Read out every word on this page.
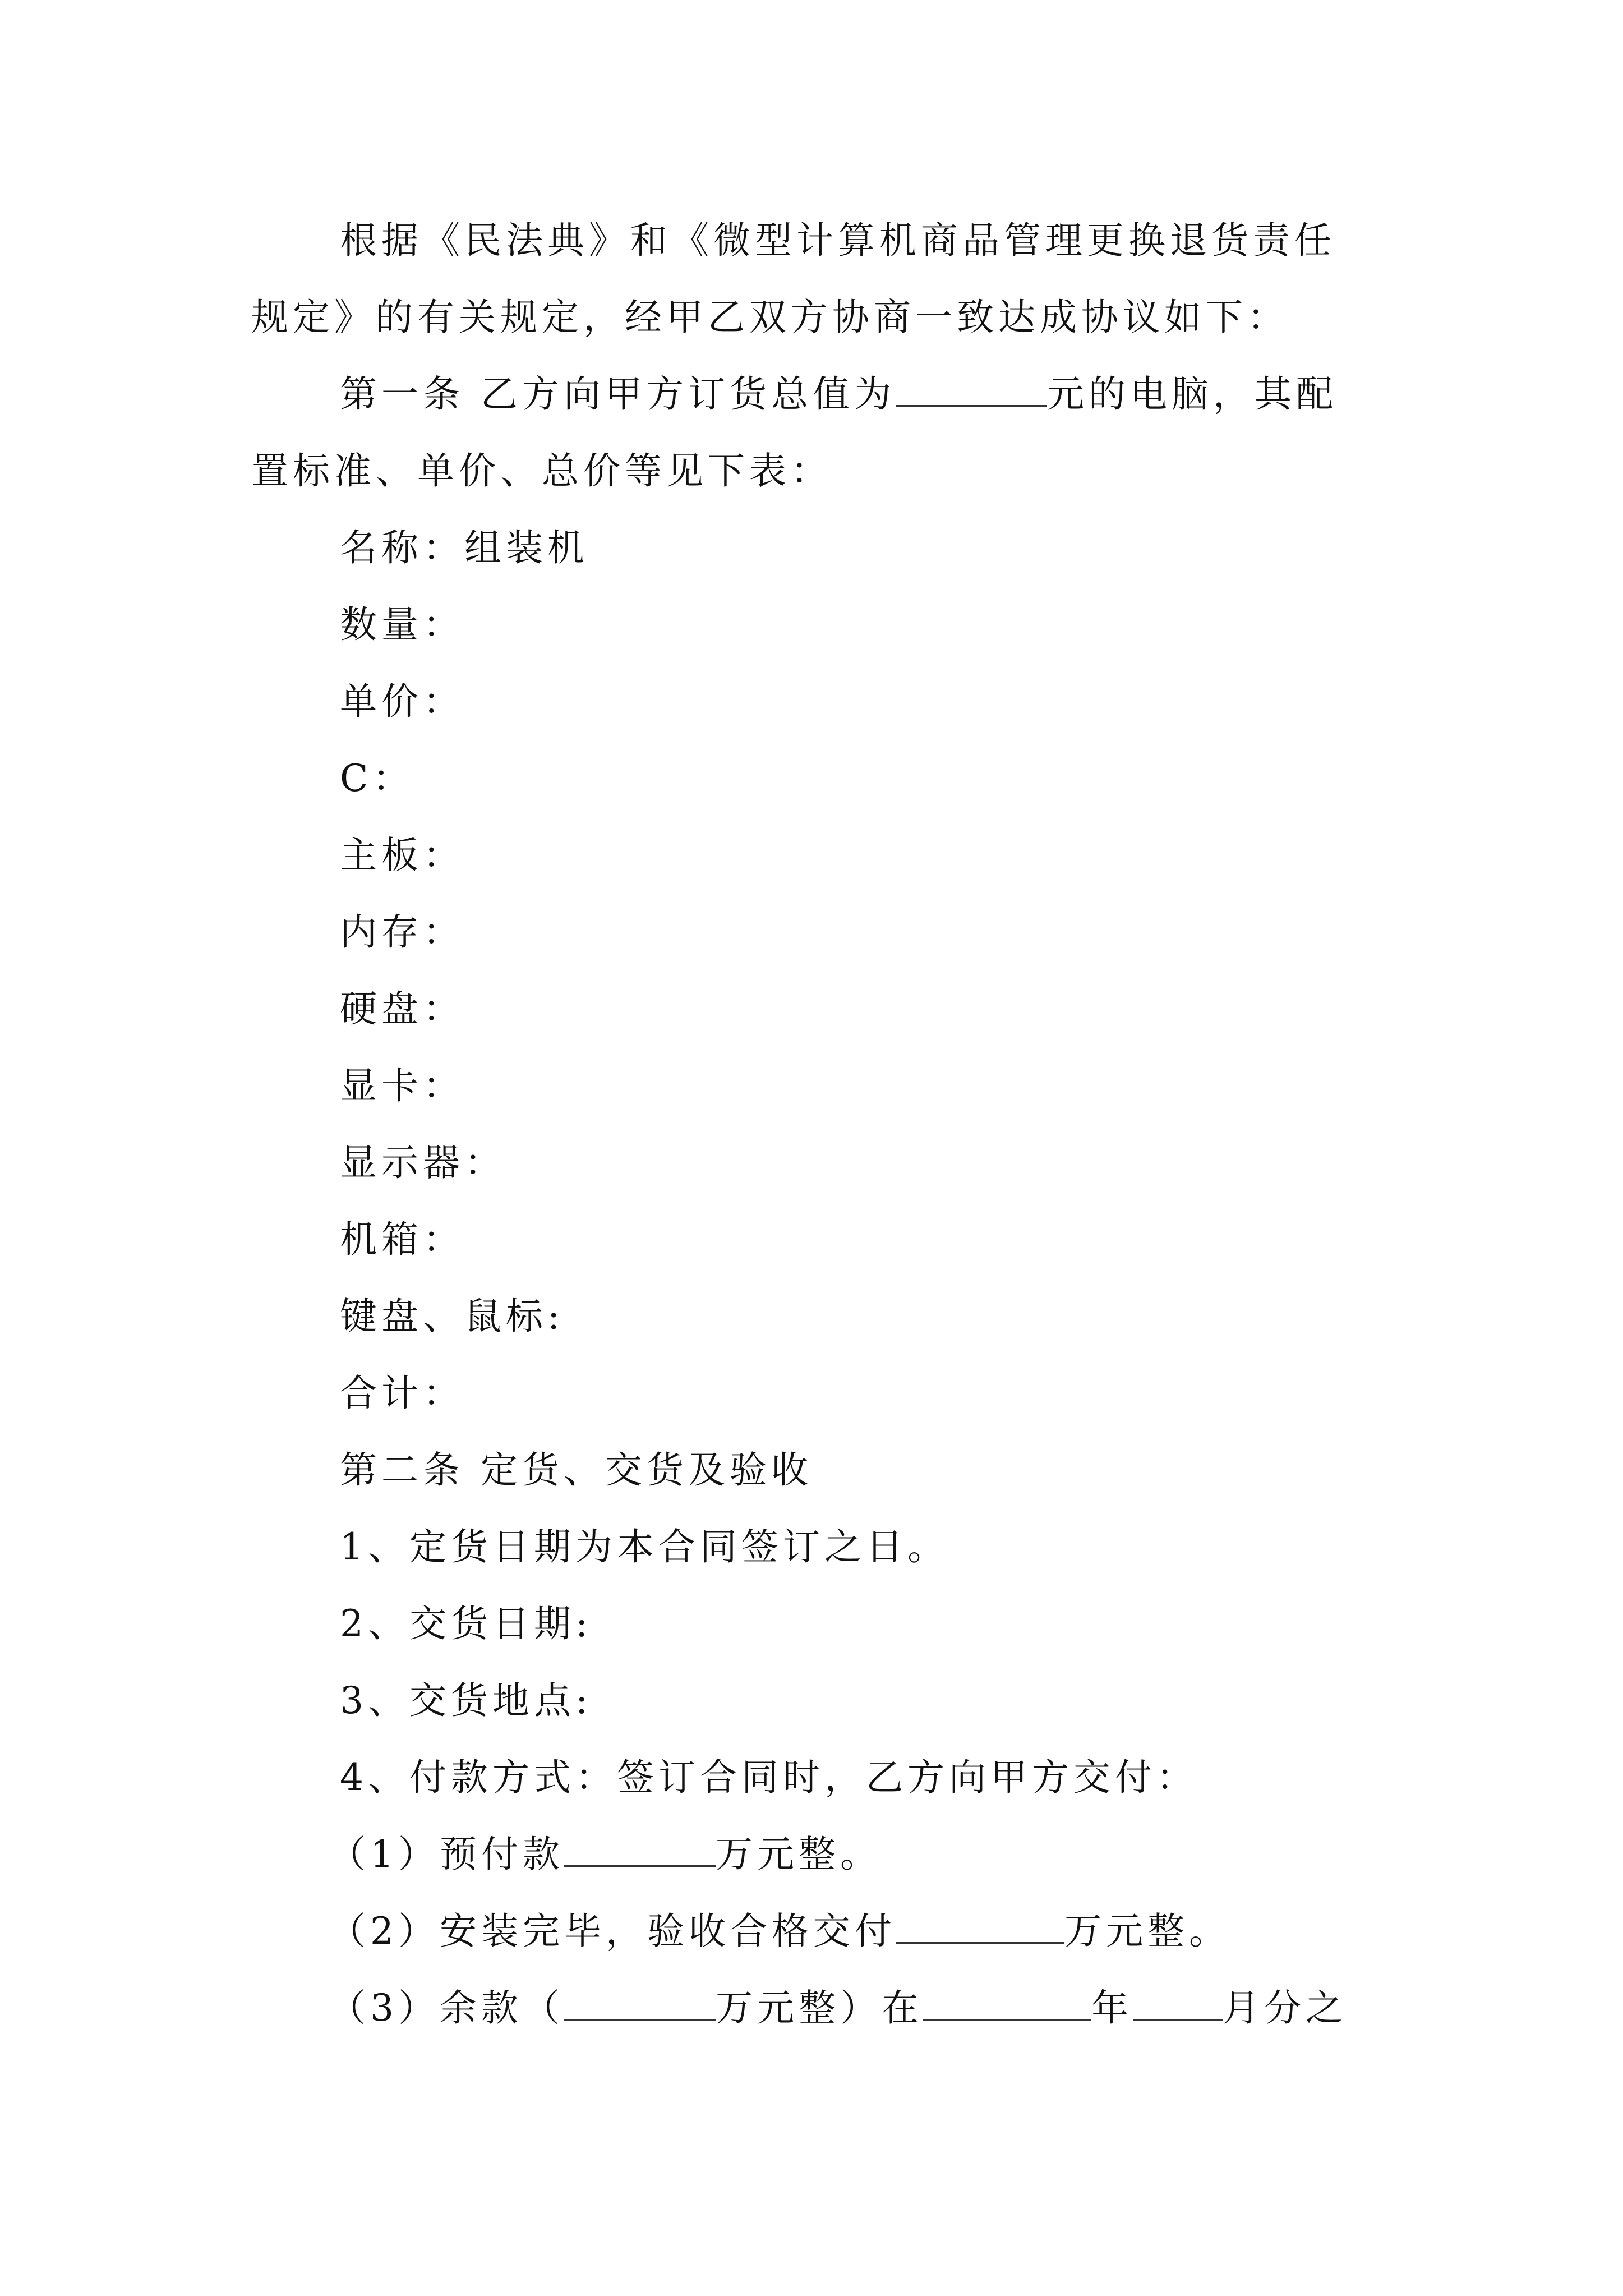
根据《民法典》和《微型计算机商品管理更换退货责任
规定》的有关规定，经甲乙双方协商一致达成协议如下：
第一条 乙方向甲方订货总值为	元的电脑，其配
置标准、单价、总价等见下表：
名称：组装机
数量：
单价：
C：
主板：
内存：
硬盘：
显卡：
显示器：
机箱：
键盘、鼠标:
合计：
第二条 定货、交货及验收
1、定货日期为本合同签订之日。
2、交货日期:
3、交货地点:
4、付款方式：签订合同时，乙方向甲方交付：
（1）预付款	万元整。
（2）安装完毕，验收合格交付	万元整。
（3）余款（	万元整）在	年 月分之
